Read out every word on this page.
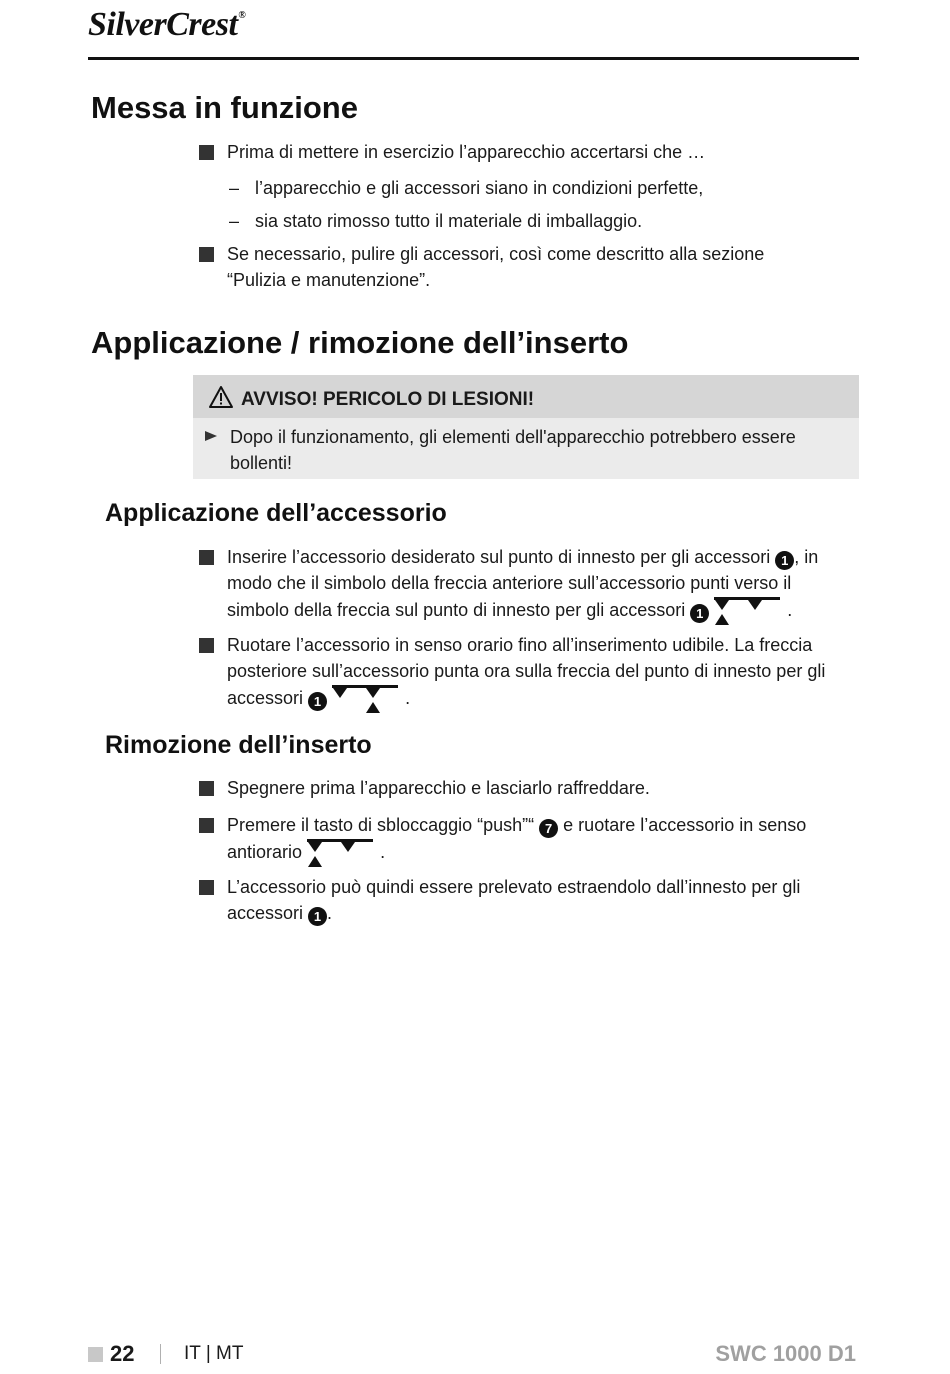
SilverCrest®
Messa in funzione
Prima di mettere in esercizio l’apparecchio accertarsi che …
– l’apparecchio e gli accessori siano in condizioni perfette,
– sia stato rimosso tutto il materiale di imballaggio.
Se necessario, pulire gli accessori, così come descritto alla sezione “Pulizia e manutenzione”.
Applicazione / rimozione dell’inserto
AVVISO! PERICOLO DI LESIONI!
Dopo il funzionamento, gli elementi dell'apparecchio potrebbero essere bollenti!
Applicazione dell’accessorio
Inserire l’accessorio desiderato sul punto di innesto per gli accessori 1 , in modo che il simbolo della freccia anteriore sull’accessorio punti verso il simbolo della freccia sul punto di innesto per gli accessori 1	.
Ruotare l’accessorio in senso orario fino all’inserimento udibile. La freccia posteriore sull’accessorio punta ora sulla freccia del punto di innesto per gli accessori 1	.
Rimozione dell’inserto
Spegnere prima l’apparecchio e lasciarlo raffreddare.
Premere il tasto di sbloccaggio “push”“ 7 e ruotare l’accessorio in senso antiorario	.
L’accessorio può quindi essere prelevato estraendolo dall’innesto per gli accessori 1 .
22	IT | MT	SWC 1000 D1
